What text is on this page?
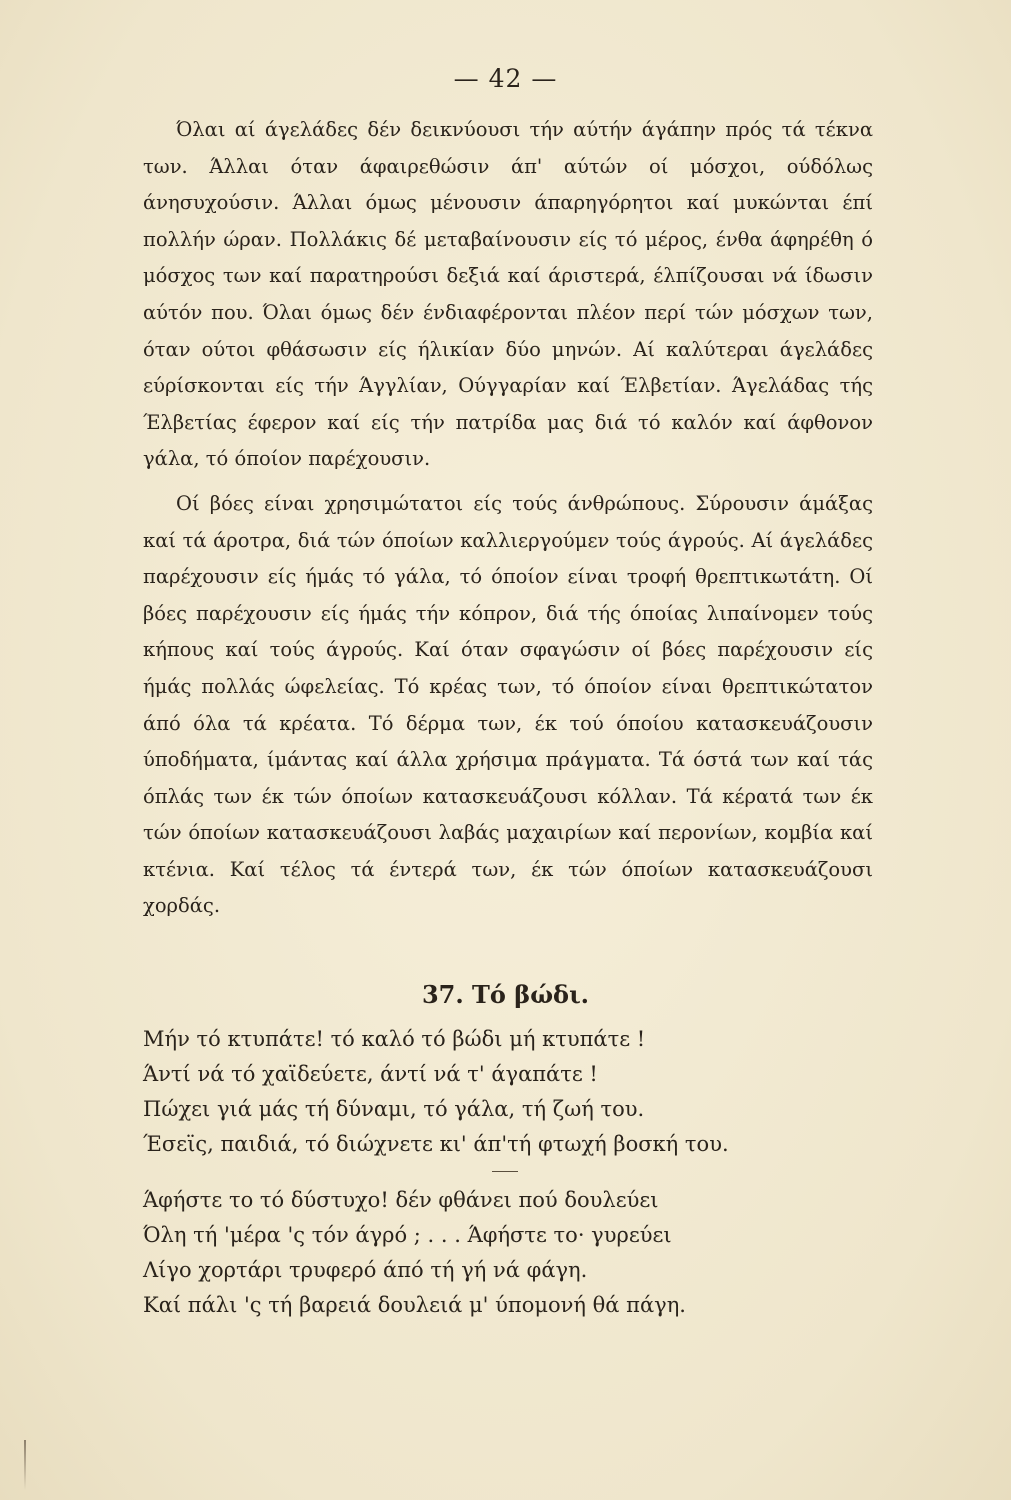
— 42 —

Όλαι αί άγελάδες δέν δεικνύουσι τήν αύτήν άγάπην πρός τά τέκνα των. Άλλαι όταν άφαιρεθώσιν άπ' αύτών οί μόσχοι, ούδόλως άνησυχούσιν. Άλλαι όμως μένουσιν άπαρηγόρητοι καί μυκώνται έπί πολλήν ώραν. Πολλάκις δέ μεταβαίνουσιν είς τό μέρος, ένθα άφηρέθη ό μόσχος των καί παρατηρούσι δεξιά καί άριστερά, έλπίζουσαι νά ίδωσιν αύτόν που. Όλαι όμως δέν ένδιαφέρονται πλέον περί τών μόσχων των, όταν ούτοι φθάσωσιν είς ήλικίαν δύο μηνών. Αί καλύτεραι άγελάδες εύρίσκονται είς τήν Άγγλίαν, Ούγγαρίαν καί Έλβετίαν. Άγελάδας τής Έλβετίας έφερον καί είς τήν πατρίδα μας διά τό καλόν καί άφθονον γάλα, τό όποίον παρέχουσιν.

Οί βόες είναι χρησιμώτατοι είς τούς άνθρώπους. Σύρουσιν άμάξας καί τά άροτρα, διά τών όποίων καλλιεργούμεν τούς άγρούς. Αί άγελάδες παρέχουσιν είς ήμάς τό γάλα, τό όποίον είναι τροφή θρεπτικωτάτη. Οί βόες παρέχουσιν είς ήμάς τήν κόπρον, διά τής όποίας λιπαίνομεν τούς κήπους καί τούς άγρούς. Καί όταν σφαγώσιν οί βόες παρέχουσιν είς ήμάς πολλάς ώφελείας. Τό κρέας των, τό όποίον είναι θρεπτικώτατον άπό όλα τά κρέατα. Τό δέρμα των, έκ τού όποίου κατασκευάζουσιν ύποδήματα, ίμάντας καί άλλα χρήσιμα πράγματα. Τά όστά των καί τάς όπλάς των έκ τών όποίων κατασκευάζουσι κόλλαν. Τά κέρατά των έκ τών όποίων κατασκευάζουσι λαβάς μαχαιρίων καί περονίων, κομβία καί κτένια. Καί τέλος τά έντερά των, έκ τών όποίων κατασκευάζουσι χορδάς.

37. Τό βώδι.
Μήν τό κτυπάτε! τό καλό τό βώδι μή κτυπάτε !
Άντί νά τό χαϊδεύετε, άντί νά τ' άγαπάτε !
Πώχει γιά μάς τή δύναμι, τό γάλα, τή ζωή του.
Έσεϊς, παιδιά, τό διώχνετε κι' άπ'τή φτωχή βοσκή του.
Άφήστε το τό δύστυχο! δέν φθάνει πού δουλεύει
Όλη τή 'μέρα 'ς τόν άγρό ; . . . Άφήστε το· γυρεύει
Λίγο χορτάρι τρυφερό άπό τή γή νά φάγη.
Καί πάλι 'ς τή βαρειά δουλειά μ' ύπομονή θά πάγη.
